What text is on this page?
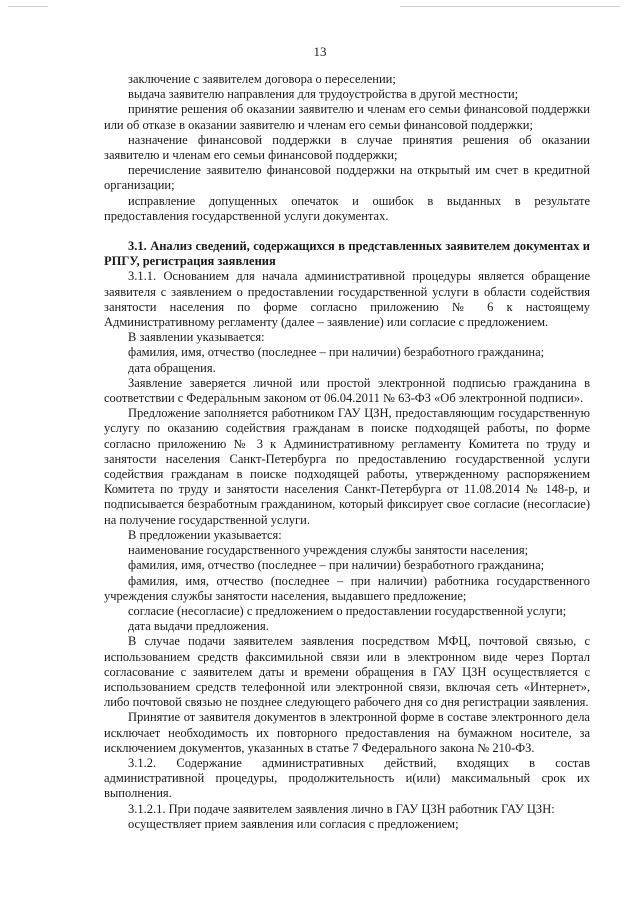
13

заключение с заявителем договора о переселении;

выдача заявителю направления для трудоустройства в другой местности;

принятие решения об оказании заявителю и членам его семьи финансовой поддержки или об отказе в оказании заявителю и членам его семьи финансовой поддержки;

назначение финансовой поддержки в случае принятия решения об оказании заявителю и членам его семьи финансовой поддержки;

перечисление заявителю финансовой поддержки на открытый им счет в кредитной организации;

исправление допущенных опечаток и ошибок в выданных в результате предоставления государственной услуги документах.

3.1. Анализ сведений, содержащихся в представленных заявителем документах и РПГУ, регистрация заявления

3.1.1. Основанием для начала административной процедуры является обращение заявителя с заявлением о предоставлении государственной услуги в области содействия занятости населения по форме согласно приложению № 6 к настоящему Административному регламенту (далее – заявление) или согласие с предложением.

В заявлении указывается:

фамилия, имя, отчество (последнее – при наличии) безработного гражданина;

дата обращения.

Заявление заверяется личной или простой электронной подписью гражданина в соответствии с Федеральным законом от 06.04.2011 № 63-ФЗ «Об электронной подписи».

Предложение заполняется работником ГАУ ЦЗН, предоставляющим государственную услугу по оказанию содействия гражданам в поиске подходящей работы, по форме согласно приложению № 3 к Административному регламенту Комитета по труду и занятости населения Санкт-Петербурга по предоставлению государственной услуги содействия гражданам в поиске подходящей работы, утвержденному распоряжением Комитета по труду и занятости населения Санкт-Петербурга от 11.08.2014 № 148-р, и подписывается безработным гражданином, который фиксирует свое согласие (несогласие) на получение государственной услуги.

В предложении указывается:

наименование государственного учреждения службы занятости населения;

фамилия, имя, отчество (последнее – при наличии) безработного гражданина;

фамилия, имя, отчество (последнее – при наличии) работника государственного учреждения службы занятости населения, выдавшего предложение;

согласие (несогласие) с предложением о предоставлении государственной услуги;

дата выдачи предложения.

В случае подачи заявителем заявления посредством МФЦ, почтовой связью, с использованием средств факсимильной связи или в электронном виде через Портал согласование с заявителем даты и времени обращения в ГАУ ЦЗН осуществляется с использованием средств телефонной или электронной связи, включая сеть «Интернет», либо почтовой связью не позднее следующего рабочего дня со дня регистрации заявления.

Принятие от заявителя документов в электронной форме в составе электронного дела исключает необходимость их повторного предоставления на бумажном носителе, за исключением документов, указанных в статье 7 Федерального закона № 210-ФЗ.

3.1.2. Содержание административных действий, входящих в состав административной процедуры, продолжительность и(или) максимальный срок их выполнения.

3.1.2.1. При подаче заявителем заявления лично в ГАУ ЦЗН работник ГАУ ЦЗН:

осуществляет прием заявления или согласия с предложением;
